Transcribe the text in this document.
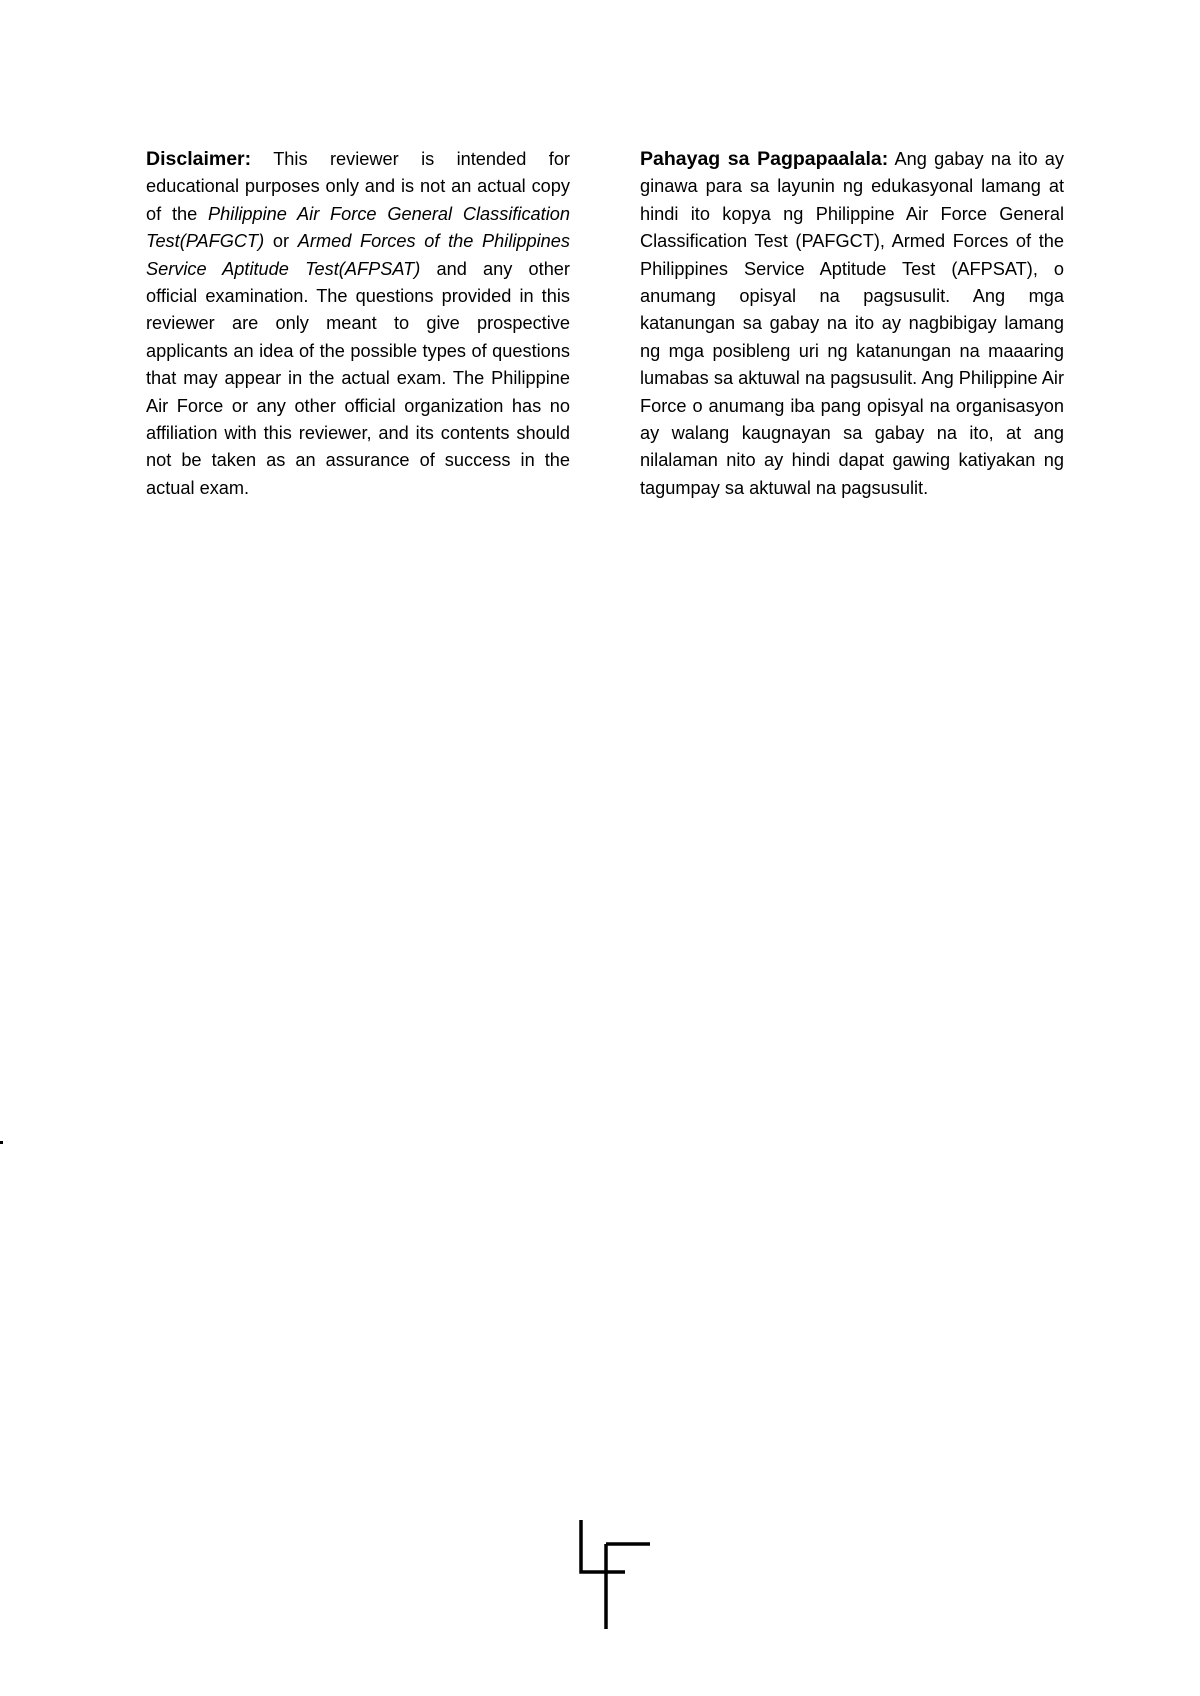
Disclaimer: This reviewer is intended for educational purposes only and is not an actual copy of the Philippine Air Force General Classification Test(PAFGCT) or Armed Forces of the Philippines Service Aptitude Test(AFPSAT) and any other official examination. The questions provided in this reviewer are only meant to give prospective applicants an idea of the possible types of questions that may appear in the actual exam. The Philippine Air Force or any other official organization has no affiliation with this reviewer, and its contents should not be taken as an assurance of success in the actual exam.
Pahayag sa Pagpapaalala: Ang gabay na ito ay ginawa para sa layunin ng edukasyonal lamang at hindi ito kopya ng Philippine Air Force General Classification Test (PAFGCT), Armed Forces of the Philippines Service Aptitude Test (AFPSAT), o anumang opisyal na pagsusulit. Ang mga katanungan sa gabay na ito ay nagbibigay lamang ng mga posibleng uri ng katanungan na maaaring lumabas sa aktuwal na pagsusulit. Ang Philippine Air Force o anumang iba pang opisyal na organisasyon ay walang kaugnayan sa gabay na ito, at ang nilalaman nito ay hindi dapat gawing katiyakan ng tagumpay sa aktuwal na pagsusulit.
